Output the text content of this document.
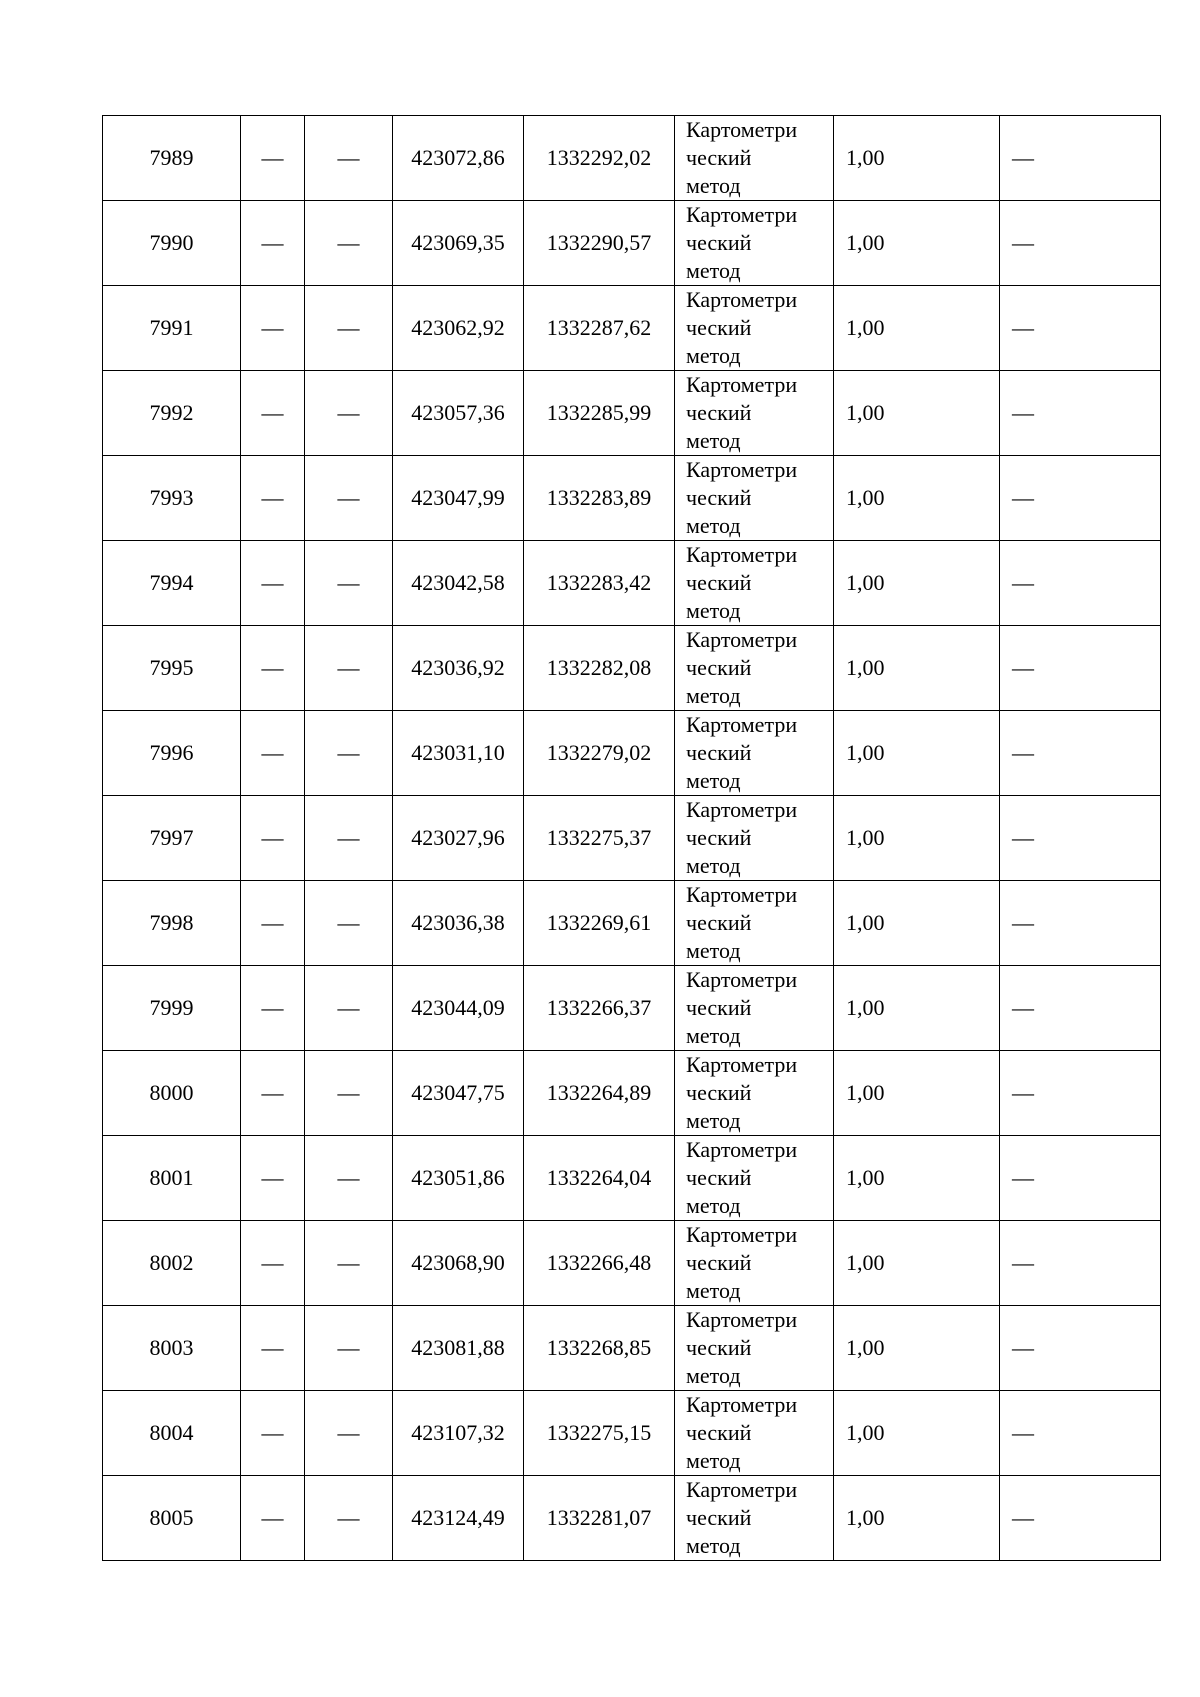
7989	—	—	423072,86	1332292,02	Картометри
ческий
метод	1,00	—
7990	—	—	423069,35	1332290,57	Картометри
ческий
метод	1,00	—
7991	—	—	423062,92	1332287,62	Картометри
ческий
метод	1,00	—
7992	—	—	423057,36	1332285,99	Картометри
ческий
метод	1,00	—
7993	—	—	423047,99	1332283,89	Картометри
ческий
метод	1,00	—
7994	—	—	423042,58	1332283,42	Картометри
ческий
метод	1,00	—
7995	—	—	423036,92	1332282,08	Картометри
ческий
метод	1,00	—
7996	—	—	423031,10	1332279,02	Картометри
ческий
метод	1,00	—
7997	—	—	423027,96	1332275,37	Картометри
ческий
метод	1,00	—
7998	—	—	423036,38	1332269,61	Картометри
ческий
метод	1,00	—
7999	—	—	423044,09	1332266,37	Картометри
ческий
метод	1,00	—
8000	—	—	423047,75	1332264,89	Картометри
ческий
метод	1,00	—
8001	—	—	423051,86	1332264,04	Картометри
ческий
метод	1,00	—
8002	—	—	423068,90	1332266,48	Картометри
ческий
метод	1,00	—
8003	—	—	423081,88	1332268,85	Картометри
ческий
метод	1,00	—
8004	—	—	423107,32	1332275,15	Картометри
ческий
метод	1,00	—
8005	—	—	423124,49	1332281,07	Картометри
ческий
метод	1,00	—
